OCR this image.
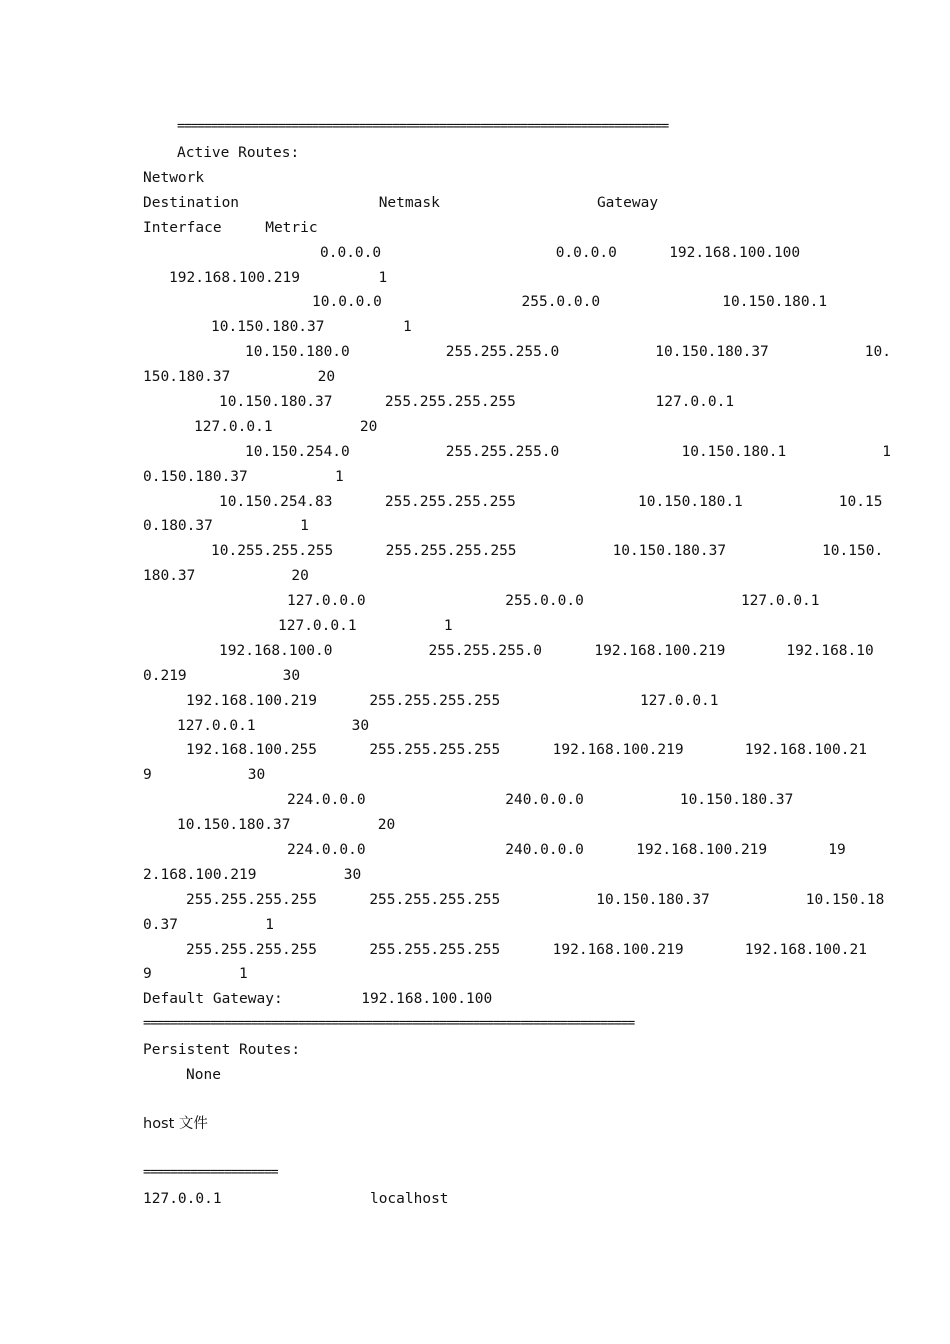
=========================================================================
Active Routes:
Network
Destination                Netmask                  Gateway
Interface     Metric
0.0.0.0                    0.0.0.0      192.168.100.100
192.168.100.219         1
10.0.0.0                255.0.0.0              10.150.180.1
10.150.180.37         1
10.150.180.0           255.255.255.0           10.150.180.37           10.
150.180.37          20
10.150.180.37      255.255.255.255                127.0.0.1
127.0.0.1          20
10.150.254.0           255.255.255.0              10.150.180.1           1
0.150.180.37          1
10.150.254.83      255.255.255.255              10.150.180.1           10.15
0.180.37          1
10.255.255.255      255.255.255.255           10.150.180.37           10.150.
180.37           20
127.0.0.0                255.0.0.0                  127.0.0.1
127.0.0.1          1
192.168.100.0           255.255.255.0      192.168.100.219       192.168.10
0.219           30
192.168.100.219      255.255.255.255                127.0.0.1
127.0.0.1           30
192.168.100.255      255.255.255.255      192.168.100.219       192.168.100.21
9           30
224.0.0.0                240.0.0.0           10.150.180.37
10.150.180.37          20
224.0.0.0                240.0.0.0      192.168.100.219       19
2.168.100.219          30
255.255.255.255      255.255.255.255           10.150.180.37           10.150.18
0.37          1
255.255.255.255      255.255.255.255      192.168.100.219       192.168.100.21
9          1
Default Gateway:         192.168.100.100
=========================================================================
Persistent Routes:
None
host 文件
====================
127.0.0.1                 localhost
